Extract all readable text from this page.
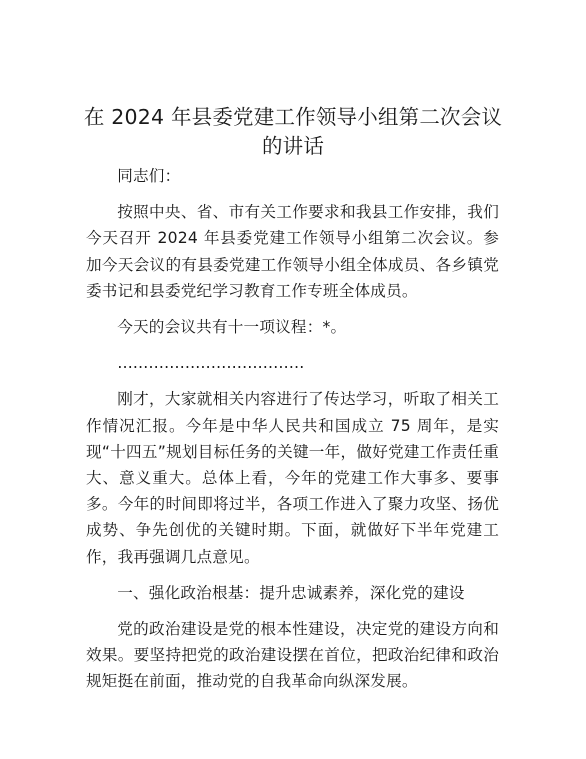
在 2024 年县委党建工作领导小组第二次会议的讲话

同志们：

按照中央、省、市有关工作要求和我县工作安排，我们今天召开 2024 年县委党建工作领导小组第二次会议。参加今天会议的有县委党建工作领导小组全体成员、各乡镇党委书记和县委党纪学习教育工作专班全体成员。

今天的会议共有十一项议程：*。

………………………………

刚才，大家就相关内容进行了传达学习，听取了相关工作情况汇报。今年是中华人民共和国成立 75 周年，是实现“十四五”规划目标任务的关键一年，做好党建工作责任重大、意义重大。总体上看，今年的党建工作大事多、要事多。今年的时间即将过半，各项工作进入了聚力攻坚、扬优成势、争先创优的关键时期。下面，就做好下半年党建工作，我再强调几点意见。

一、强化政治根基：提升忠诚素养，深化党的建设

党的政治建设是党的根本性建设，决定党的建设方向和效果。要坚持把党的政治建设摆在首位，把政治纪律和政治规矩挺在前面，推动党的自我革命向纵深发展。
